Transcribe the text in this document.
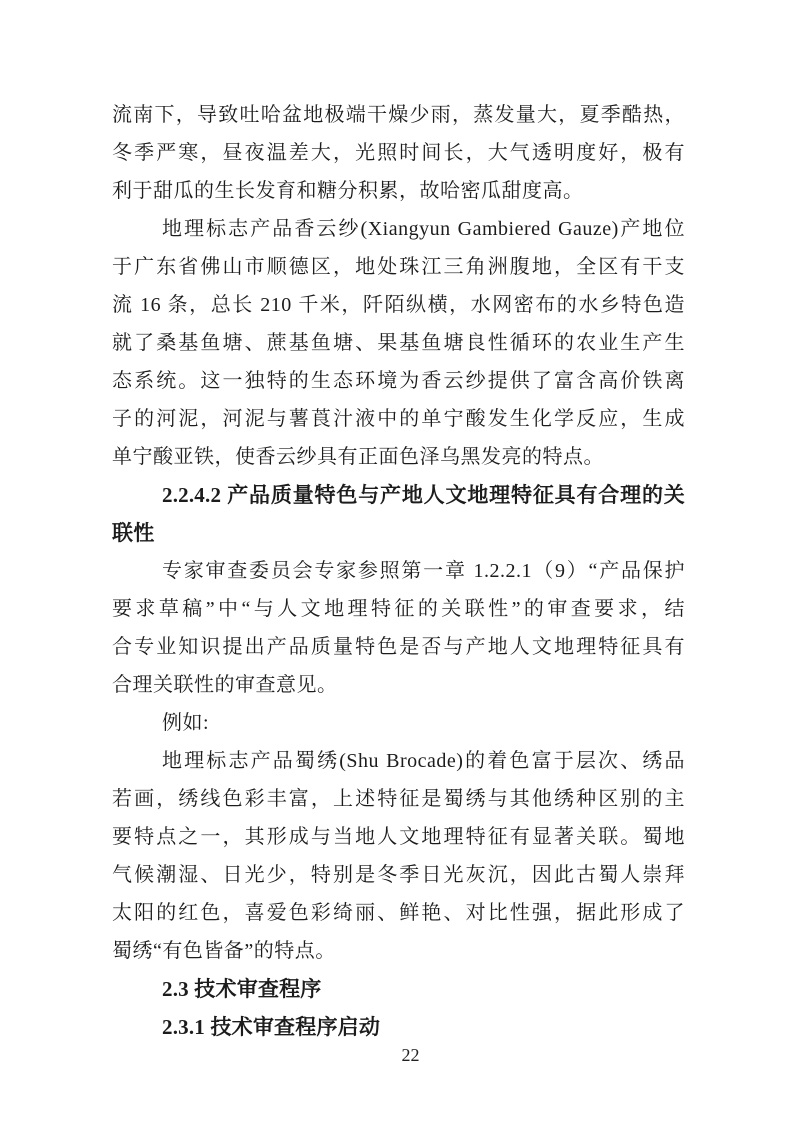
流南下，导致吐哈盆地极端干燥少雨，蒸发量大，夏季酷热，
冬季严寒，昼夜温差大，光照时间长，大气透明度好，极有
利于甜瓜的生长发育和糖分积累，故哈密瓜甜度高。
地理标志产品香云纱(Xiangyun Gambiered Gauze)产地位
于广东省佛山市顺德区，地处珠江三角洲腹地，全区有干支
流 16 条，总长 210 千米，阡陌纵横，水网密布的水乡特色造
就了桑基鱼塘、蔗基鱼塘、果基鱼塘良性循环的农业生产生
态系统。这一独特的生态环境为香云纱提供了富含高价铁离
子的河泥，河泥与薯莨汁液中的单宁酸发生化学反应，生成
单宁酸亚铁，使香云纱具有正面色泽乌黑发亮的特点。
2.2.4.2 产品质量特色与产地人文地理特征具有合理的关
联性
专家审查委员会专家参照第一章 1.2.2.1（9）“产品保护
要求草稿”中“与人文地理特征的关联性”的审查要求，结
合专业知识提出产品质量特色是否与产地人文地理特征具有
合理关联性的审查意见。
例如:
地理标志产品蜀绣(Shu Brocade)的着色富于层次、绣品
若画，绣线色彩丰富，上述特征是蜀绣与其他绣种区别的主
要特点之一，其形成与当地人文地理特征有显著关联。蜀地
气候潮湿、日光少，特别是冬季日光灰沉，因此古蜀人崇拜
太阳的红色，喜爱色彩绮丽、鲜艳、对比性强，据此形成了
蜀绣“有色皆备”的特点。
2.3 技术审查程序
2.3.1 技术审查程序启动
22
